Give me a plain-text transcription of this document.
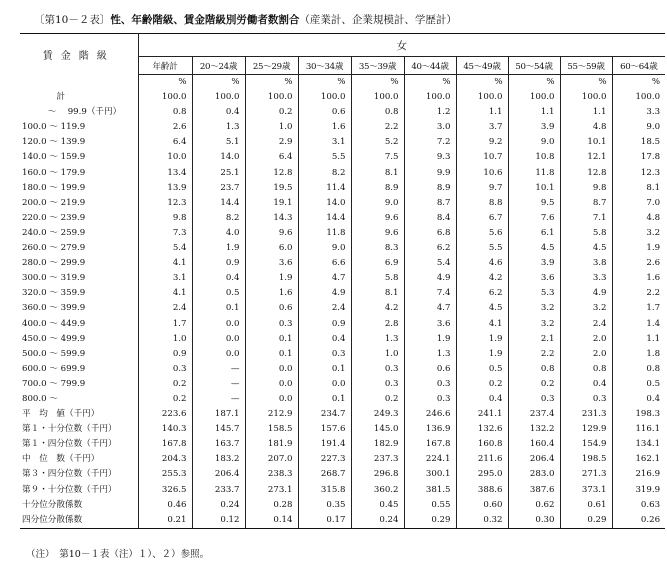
〔第10－２表〕性、年齢階級、賃金階級別労働者数割合（産業計、企業規模計、学歴計）
賃金階級	女									
	年齢計	20～24歳	25～29歳	30～34歳	35～39歳	40～44歳	45～49歳	50～54歳	55～59歳	60～64歳
	%	%	%	%	%	%	%	%	%	%
　　　　計	100.0	100.0	100.0	100.0	100.0	100.0	100.0	100.0	100.0	100.0
　　　～　 99.9（千円）	0.8	0.4	0.2	0.6	0.8	1.2	1.1	1.1	1.1	3.3
100.0 ～ 119.9	2.6	1.3	1.0	1.6	2.2	3.0	3.7	3.9	4.8	9.0
120.0 ～ 139.9	6.4	5.1	2.9	3.1	5.2	7.2	9.2	9.0	10.1	18.5
140.0 ～ 159.9	10.0	14.0	6.4	5.5	7.5	9.3	10.7	10.8	12.1	17.8
160.0 ～ 179.9	13.4	25.1	12.8	8.2	8.1	9.9	10.6	11.8	12.8	12.3
180.0 ～ 199.9	13.9	23.7	19.5	11.4	8.9	8.9	9.7	10.1	9.8	8.1
200.0 ～ 219.9	12.3	14.4	19.1	14.0	9.0	8.7	8.8	9.5	8.7	7.0
220.0 ～ 239.9	9.8	8.2	14.3	14.4	9.6	8.4	6.7	7.6	7.1	4.8
240.0 ～ 259.9	7.3	4.0	9.6	11.8	9.6	6.8	5.6	6.1	5.8	3.2
260.0 ～ 279.9	5.4	1.9	6.0	9.0	8.3	6.2	5.5	4.5	4.5	1.9
280.0 ～ 299.9	4.1	0.9	3.6	6.6	6.9	5.4	4.6	3.9	3.8	2.6
300.0 ～ 319.9	3.1	0.4	1.9	4.7	5.8	4.9	4.2	3.6	3.3	1.6
320.0 ～ 359.9	4.1	0.5	1.6	4.9	8.1	7.4	6.2	5.3	4.9	2.2
360.0 ～ 399.9	2.4	0.1	0.6	2.4	4.2	4.7	4.5	3.2	3.2	1.7
400.0 ～ 449.9	1.7	0.0	0.3	0.9	2.8	3.6	4.1	3.2	2.4	1.4
450.0 ～ 499.9	1.0	0.0	0.1	0.4	1.3	1.9	1.9	2.1	2.0	1.1
500.0 ～ 599.9	0.9	0.0	0.1	0.3	1.0	1.3	1.9	2.2	2.0	1.8
600.0 ～ 699.9	0.3	—	0.0	0.1	0.3	0.6	0.5	0.8	0.8	0.8
700.0 ～ 799.9	0.2	—	0.0	0.0	0.3	0.3	0.2	0.2	0.4	0.5
800.0 ～	0.2	—	0.0	0.1	0.2	0.3	0.4	0.3	0.3	0.4
平　均　値（千円）	223.6	187.1	212.9	234.7	249.3	246.6	241.1	237.4	231.3	198.3
第１・十分位数（千円）	140.3	145.7	158.5	157.6	145.0	136.9	132.6	132.2	129.9	116.1
第１・四分位数（千円）	167.8	163.7	181.9	191.4	182.9	167.8	160.8	160.4	154.9	134.1
中　位　数（千円）	204.3	183.2	207.0	227.3	237.3	224.1	211.6	206.4	198.5	162.1
第３・四分位数（千円）	255.3	206.4	238.3	268.7	296.8	300.1	295.0	283.0	271.3	216.9
第９・十分位数（千円）	326.5	233.7	273.1	315.8	360.2	381.5	388.6	387.6	373.1	319.9
十分位分散係数	0.46	0.24	0.28	0.35	0.45	0.55	0.60	0.62	0.61	0.63
四分位分散係数	0.21	0.12	0.14	0.17	0.24	0.29	0.32	0.30	0.29	0.26
（注）　第10－１表（注）１）、２）参照。
